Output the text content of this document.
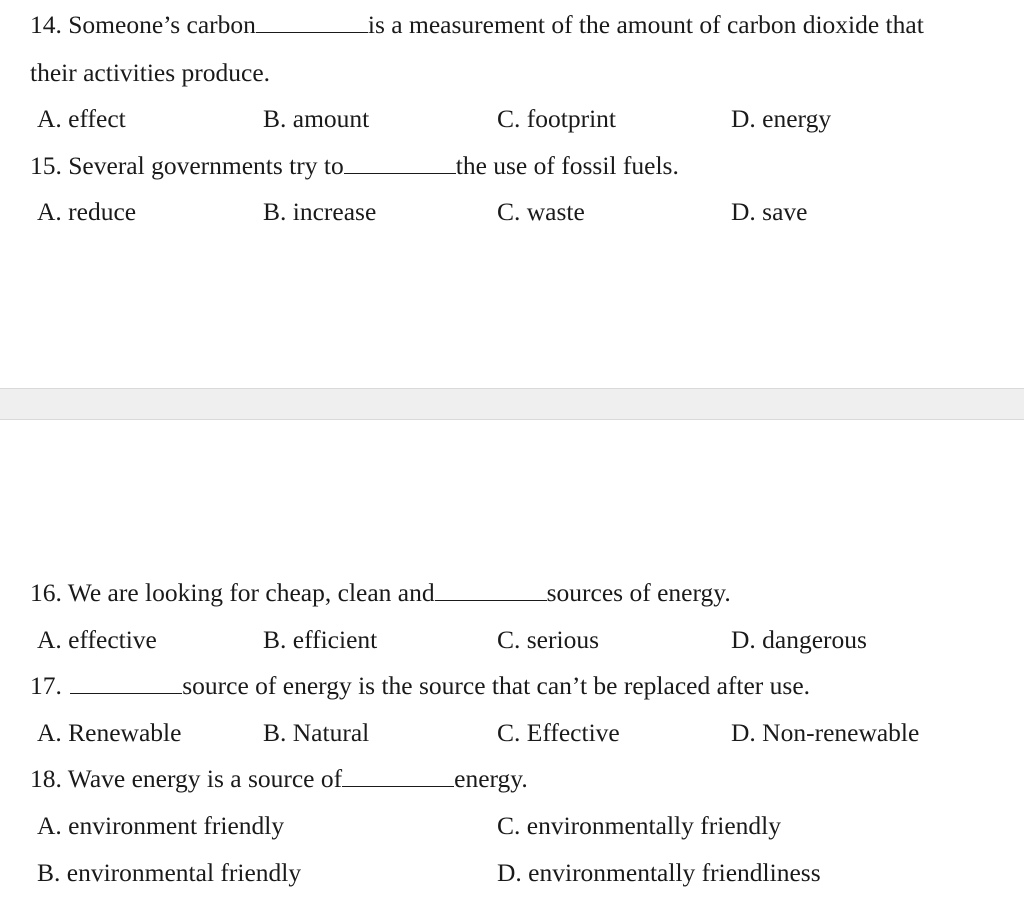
14. Someone’s carbon	is a measurement of the amount of carbon dioxide that
their activities produce.
A. effect	B. amount	C. footprint	D. energy
15. Several governments try to	the use of fossil fuels.
A. reduce	B. increase	C. waste	D. save
16. We are looking for cheap, clean and	sources of energy.
A. effective	B. efficient	C. serious	D. dangerous
17.	source of energy is the source that can’t be replaced after use.
A. Renewable	B. Natural	C. Effective	D. Non-renewable
18. Wave energy is a source of	energy.
A. environment friendly	C. environmentally friendly
B. environmental friendly	D. environmentally friendliness
